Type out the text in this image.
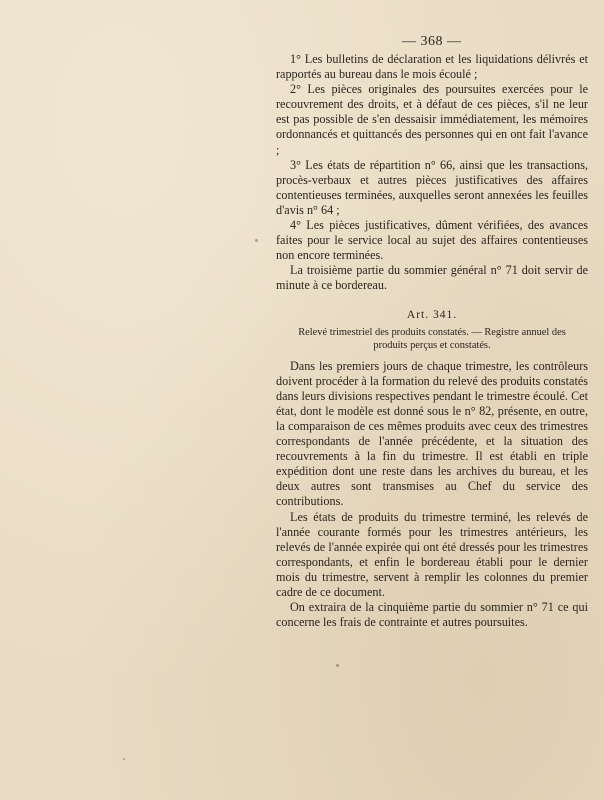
— 368 —

1° Les bulletins de déclaration et les liquidations délivrés et rapportés au bureau dans le mois écoulé ;

2° Les pièces originales des poursuites exercées pour le recouvrement des droits, et à défaut de ces pièces, s'il ne leur est pas possible de s'en dessaisir immédiatement, les mémoires ordonnancés et quittancés des personnes qui en ont fait l'avance ;

3° Les états de répartition n° 66, ainsi que les transactions, procès-verbaux et autres pièces justificatives des affaires contentieuses terminées, auxquelles seront annexées les feuilles d'avis n° 64 ;

4° Les pièces justificatives, dûment vérifiées, des avances faites pour le service local au sujet des affaires contentieuses non encore terminées.

La troisième partie du sommier général n° 71 doit servir de minute à ce bordereau.

Art. 341.

Relevé trimestriel des produits constatés. — Registre annuel des produits perçus et constatés.

Dans les premiers jours de chaque trimestre, les contrôleurs doivent procéder à la formation du relevé des produits constatés dans leurs divisions respectives pendant le trimestre écoulé. Cet état, dont le modèle est donné sous le n° 82, présente, en outre, la comparaison de ces mêmes produits avec ceux des trimestres correspondants de l'année précédente, et la situation des recouvrements à la fin du trimestre. Il est établi en triple expédition dont une reste dans les archives du bureau, et les deux autres sont transmises au Chef du service des contributions.

Les états de produits du trimestre terminé, les relevés de l'année courante formés pour les trimestres antérieurs, les relevés de l'année expirée qui ont été dressés pour les trimestres correspondants, et enfin le bordereau établi pour le dernier mois du trimestre, servent à remplir les colonnes du premier cadre de ce document.

On extraira de la cinquième partie du sommier n° 71 ce qui concerne les frais de contrainte et autres poursuites.
